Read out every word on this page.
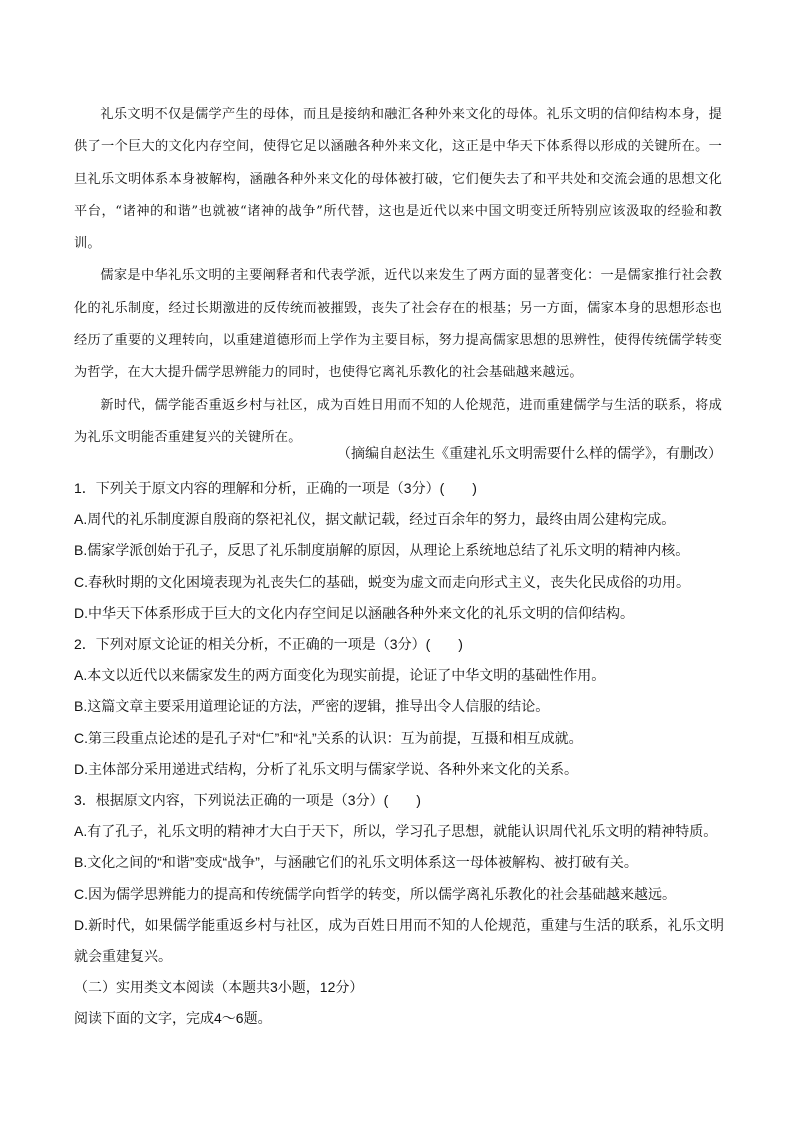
礼乐文明不仅是儒学产生的母体，而且是接纳和融汇各种外来文化的母体。礼乐文明的信仰结构本身，提供了一个巨大的文化内存空间，使得它足以涵融各种外来文化，这正是中华天下体系得以形成的关键所在。一旦礼乐文明体系本身被解构，涵融各种外来文化的母体被打破，它们便失去了和平共处和交流会通的思想文化平台，“诸神的和谐”也就被“诸神的战争”所代替，这也是近代以来中国文明变迁所特别应该汲取的经验和教训。

儒家是中华礼乐文明的主要阐释者和代表学派，近代以来发生了两方面的显著变化：一是儒家推行社会教化的礼乐制度，经过长期激进的反传统而被摧毁，丧失了社会存在的根基；另一方面，儒家本身的思想形态也经历了重要的义理转向，以重建道德形而上学作为主要目标，努力提高儒家思想的思辨性，使得传统儒学转变为哲学，在大大提升儒学思辨能力的同时，也使得它离礼乐教化的社会基础越来越远。

新时代，儒学能否重返乡村与社区，成为百姓日用而不知的人伦规范，进而重建儒学与生活的联系，将成为礼乐文明能否重建复兴的关键所在。

（摘编自赵法生《重建礼乐文明需要什么样的儒学》，有删改）

1．下列关于原文内容的理解和分析，正确的一项是（3分）(　　)

A.周代的礼乐制度源自殷商的祭祀礼仪，据文献记载，经过百余年的努力，最终由周公建构完成。

B.儒家学派创始于孔子，反思了礼乐制度崩解的原因，从理论上系统地总结了礼乐文明的精神内核。

C.春秋时期的文化困境表现为礼丧失仁的基础，蜕变为虚文而走向形式主义，丧失化民成俗的功用。

D.中华天下体系形成于巨大的文化内存空间足以涵融各种外来文化的礼乐文明的信仰结构。

2．下列对原文论证的相关分析，不正确的一项是（3分）(　　)

A.本文以近代以来儒家发生的两方面变化为现实前提，论证了中华文明的基础性作用。

B.这篇文章主要采用道理论证的方法，严密的逻辑，推导出令人信服的结论。

C.第三段重点论述的是孔子对“仁”和“礼”关系的认识：互为前提，互摄和相互成就。

D.主体部分采用递进式结构，分析了礼乐文明与儒家学说、各种外来文化的关系。

3．根据原文内容，下列说法正确的一项是（3分）(　　)

A.有了孔子，礼乐文明的精神才大白于天下，所以，学习孔子思想，就能认识周代礼乐文明的精神特质。

B.文化之间的“和谐”变成“战争”，与涵融它们的礼乐文明体系这一母体被解构、被打破有关。

C.因为儒学思辨能力的提高和传统儒学向哲学的转变，所以儒学离礼乐教化的社会基础越来越远。

D.新时代，如果儒学能重返乡村与社区，成为百姓日用而不知的人伦规范，重建与生活的联系，礼乐文明就会重建复兴。

（二）实用类文本阅读（本题共3小题，12分）

阅读下面的文字，完成4～6题。
